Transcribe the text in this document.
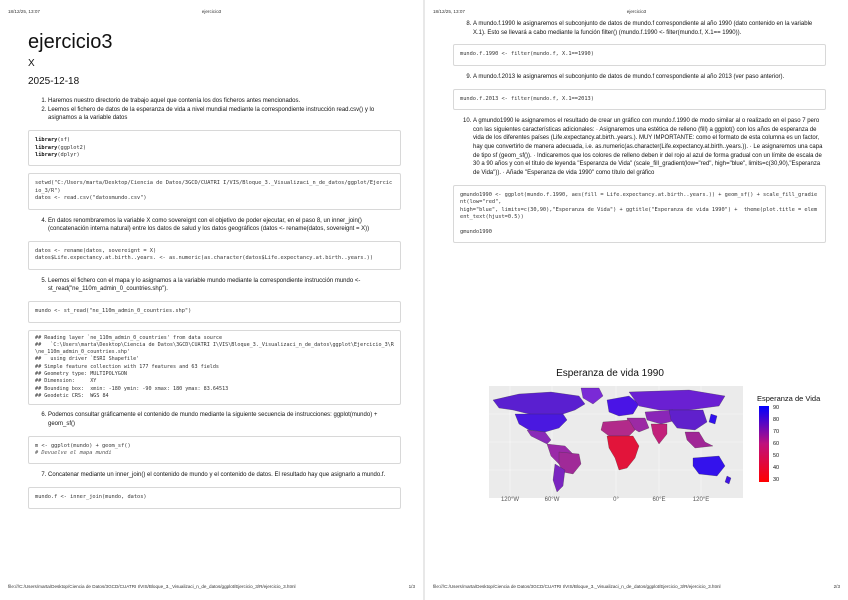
18/12/25, 13:07	ejercicio3
ejercicio3
X
2025-12-18
1. Haremos nuestro directorio de trabajo aquel que contenía los dos ficheros antes mencionados.
2. Leemos el fichero de datos de la esperanza de vida a nivel mundial mediante la correspondiente instrucción read.csv() y lo asignamos a la variable datos
library(sf)
library(ggplot2)
library(dplyr)
setwd("C:/Users/marta/Desktop/Ciencia de Datos/3GCD/CUATRI I/VIS/Bloque_3._Visualizaci_n_de_datos/ggplot/Ejercicio_3/R")
datos <- read.csv("datosmundo.csv")
4. En datos renombraremos la variable X como sovereignt con el objetivo de poder ejecutar, en el paso 8, un inner_join() (concatenación interna natural) entre los datos de salud y los datos geográficos (datos <- rename(datos, sovereignt = X))
datos <- rename(datos, sovereignt = X)
datos$Life.expectancy.at.birth..years. <- as.numeric(as.character(datos$Life.expectancy.at.birth..years.))
5. Leemos el fichero con el mapa y lo asignamos a la variable mundo mediante la correspondiente instrucción mundo <- st_read("ne_110m_admin_0_countries.shp").
mundo <- st_read("ne_110m_admin_0_countries.shp")
## Reading layer `ne_110m_admin_0_countries' from data source
##   `C:\Users\marta\Desktop\Ciencia de Datos\3GCD\CUATRI I\VIS\Bloque_3._Visualizaci_n_de_datos\ggplot\Ejercicio_3\R\ne_110m_admin_0_countries.shp'
##   using driver `ESRI Shapefile'
## Simple feature collection with 177 features and 63 fields
## Geometry type: MULTIPOLYGON
## Dimension:     XY
## Bounding box:  xmin: -180 ymin: -90 xmax: 180 ymax: 83.64513
## Geodetic CRS:  WGS 84
6. Podemos consultar gráficamente el contenido de mundo mediante la siguiente secuencia de instrucciones: ggplot(mundo) + geom_sf()
m <- ggplot(mundo) + geom_sf()
# Devuelve el mapa mundi
7. Concatenar mediante un inner_join() el contenido de mundo y el contenido de datos. El resultado hay que asignarlo a mundo.f.
mundo.f <- inner_join(mundo, datos)
file:///C:/Users/marta/Desktop/Ciencia de Datos/3GCD/CUATRI I/VIS/Bloque_3._Visualizaci_n_de_datos/ggplot/Ejercicio_3/R/ejercicio_3.html	1/3
18/12/25, 13:07	ejercicio3
8. A mundo.f.1990 le asignaremos el subconjunto de datos de mundo.f correspondiente al año 1990 (dato contenido en la variable X.1). Esto se llevará a cabo mediante la función filter() (mundo.f.1990 <- filter(mundo.f, X.1== 1990)).
mundo.f.1990 <- filter(mundo.f, X.1==1990)
9. A mundo.f.2013 le asignaremos el subconjunto de datos de mundo.f correspondiente al año 2013 (ver paso anterior).
mundo.f.2013 <- filter(mundo.f, X.1==2013)
10. A gmundo1990 le asignaremos el resultado de crear un gráfico con mundo.f.1990 de modo similar al o realizado en el paso 7 pero con las siguientes características adicionales: · Asignaremos una estética de relleno (fill) a ggplot() con los años de esperanza de vida de los diferentes países (Life.expectancy.at.birth..years.). MUY IMPORTANTE: como el formato de esta columna es un factor, hay que convertirlo de manera adecuada, i.e. as.numeric(as.character(Life.expectancy.at.birth..years.)). · Le asignaremos una capa de tipo sf (geom_sf()). · Indicaremos que los colores de relleno deben ir del rojo al azul de forma gradual con un límite de escala de 30 a 90 años y con el título de leyenda "Esperanza de Vida" (scale_fill_gradient(low="red", high="blue", limits=c(30,90),"Esperanza de Vida")). · Añade "Esperanza de vida 1990" como título del gráfico
gmundo1990 <- ggplot(mundo.f.1990, aes(fill = Life.expectancy.at.birth..years.)) + geom_sf() + scale_fill_gradient(low="red",
high="blue", limits=c(30,90),"Esperanza de Vida") + ggtitle("Esperanza de vida 1990") +  theme(plot.title = element_text(hjust=0.5))

gmundo1990
Esperanza de vida 1990
120°W	60°W	0°	60°E	120°E
Esperanza de Vida
90
80
70
60
50
40
30
file:///C:/Users/marta/Desktop/Ciencia de Datos/3GCD/CUATRI I/VIS/Bloque_3._Visualizaci_n_de_datos/ggplot/Ejercicio_3/R/ejercicio_3.html	2/3
